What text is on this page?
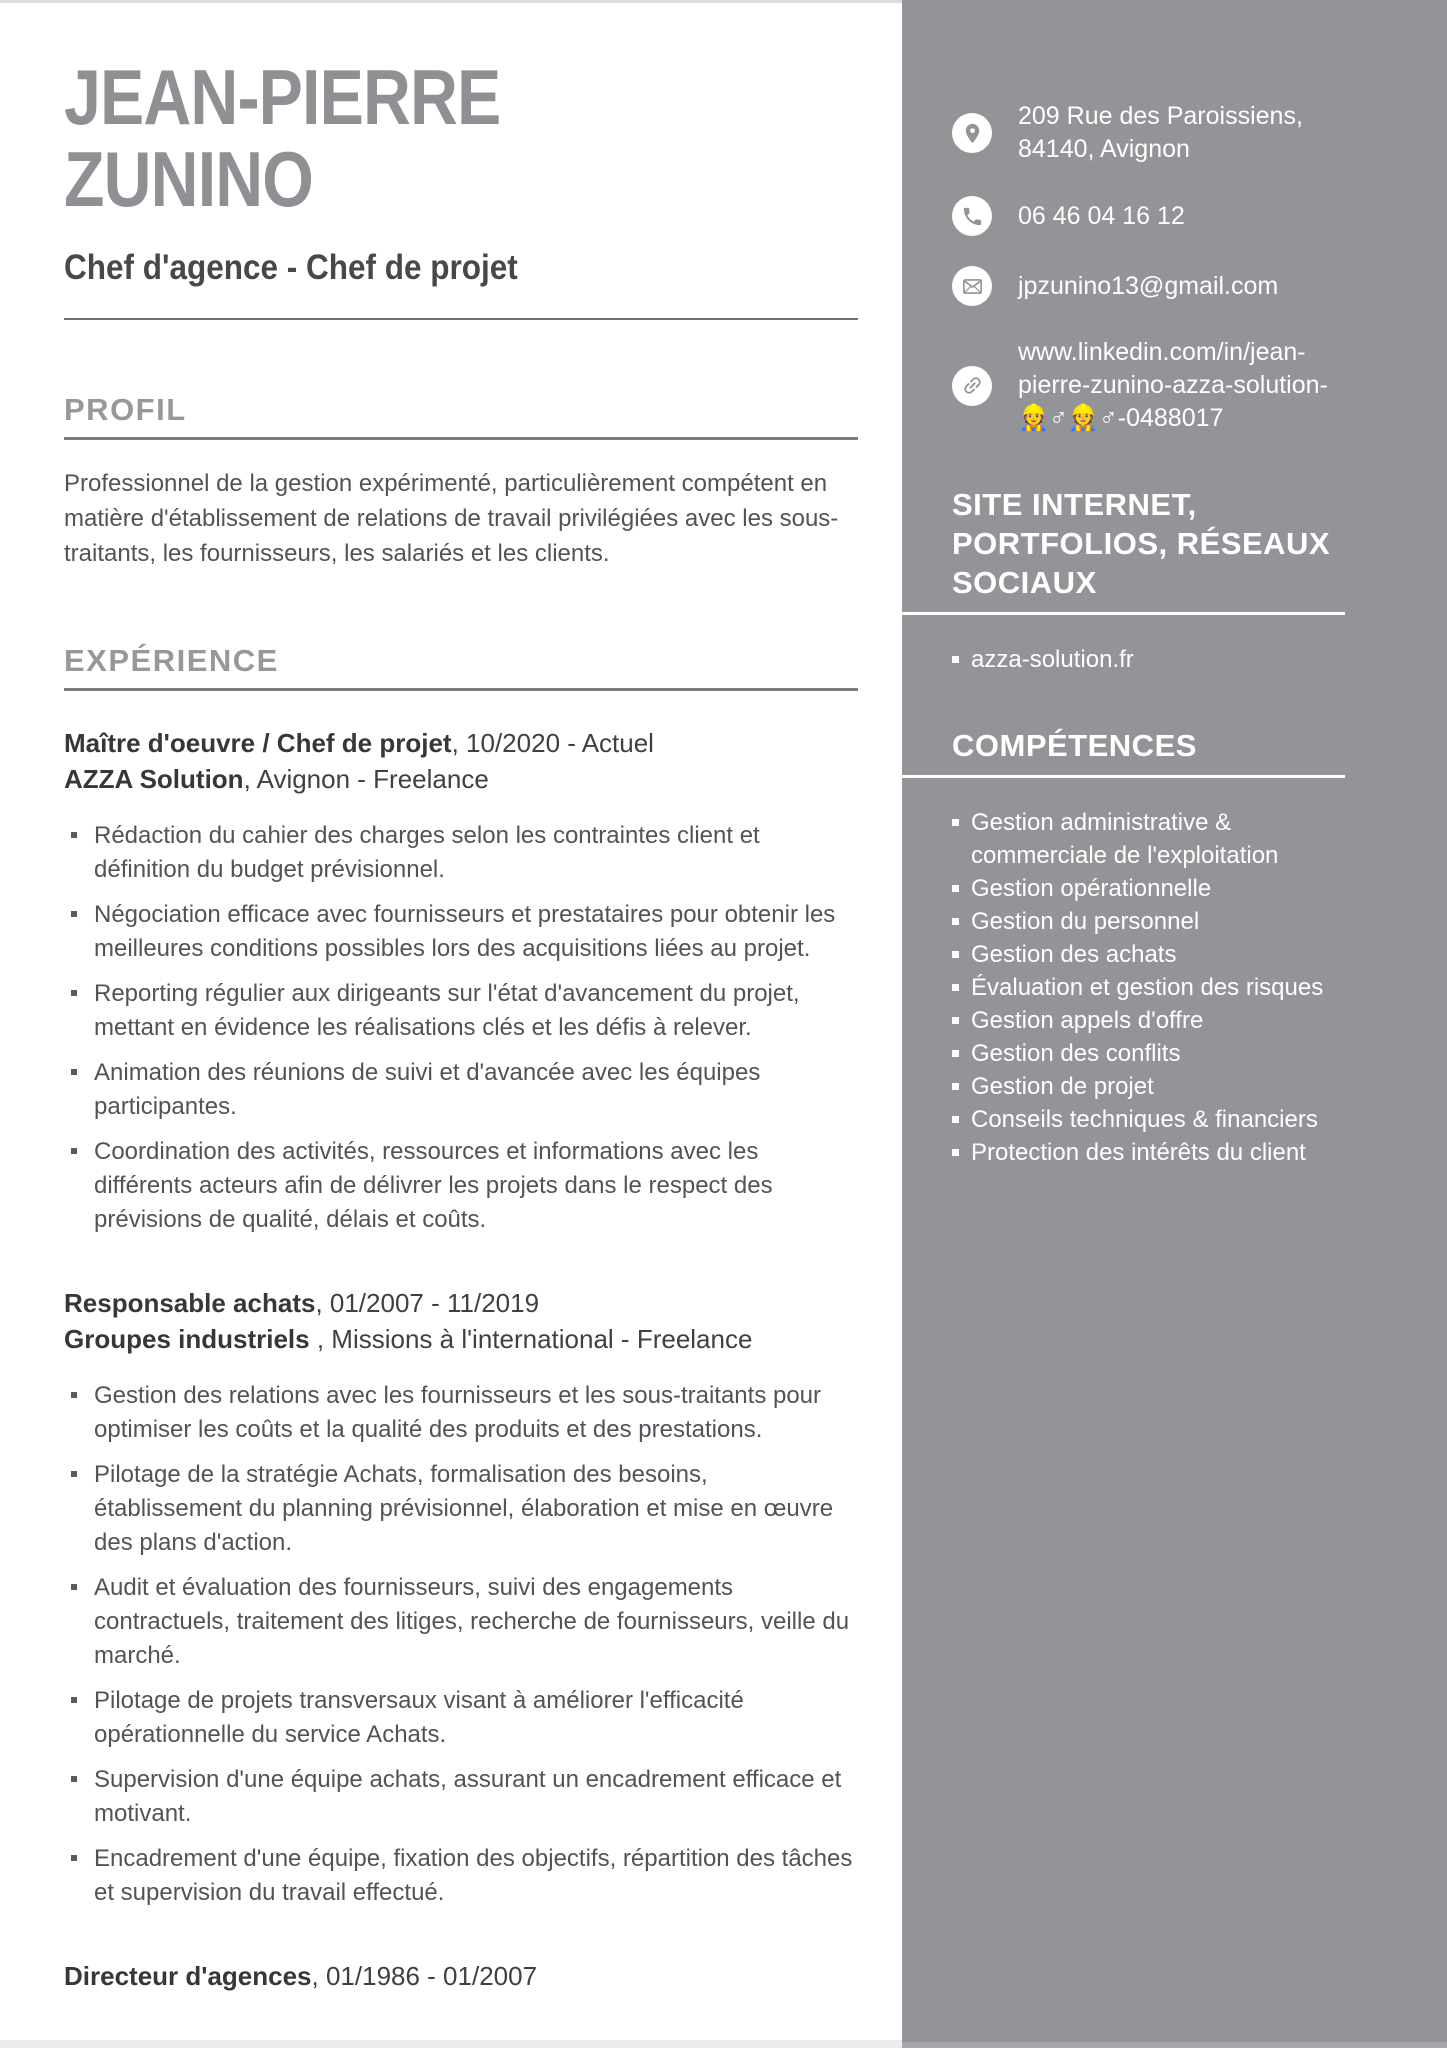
JEAN-PIERRE
ZUNINO
Chef d'agence - Chef de projet
PROFIL

Professionnel de la gestion expérimenté, particulièrement compétent en matière d'établissement de relations de travail privilégiées avec les sous-traitants, les fournisseurs, les salariés et les clients.

EXPÉRIENCE
Maître d'oeuvre / Chef de projet, 10/2020 - Actuel
AZZA Solution, Avignon - Freelance
Rédaction du cahier des charges selon les contraintes client et définition du budget prévisionnel.
Négociation efficace avec fournisseurs et prestataires pour obtenir les meilleures conditions possibles lors des acquisitions liées au projet.
Reporting régulier aux dirigeants sur l'état d'avancement du projet, mettant en évidence les réalisations clés et les défis à relever.
Animation des réunions de suivi et d'avancée avec les équipes participantes.
Coordination des activités, ressources et informations avec les différents acteurs afin de délivrer les projets dans le respect des prévisions de qualité, délais et coûts.
Responsable achats, 01/2007 - 11/2019
Groupes industriels , Missions à l'international - Freelance
Gestion des relations avec les fournisseurs et les sous-traitants pour optimiser les coûts et la qualité des produits et des prestations.
Pilotage de la stratégie Achats, formalisation des besoins, établissement du planning prévisionnel, élaboration et mise en œuvre des plans d'action.
Audit et évaluation des fournisseurs, suivi des engagements contractuels, traitement des litiges, recherche de fournisseurs, veille du marché.
Pilotage de projets transversaux visant à améliorer l'efficacité opérationnelle du service Achats.
Supervision d'une équipe achats, assurant un encadrement efficace et motivant.
Encadrement d'une équipe, fixation des objectifs, répartition des tâches et supervision du travail effectué.
Directeur d'agences, 01/1986 - 01/2007
209 Rue des Paroissiens,
84140, Avignon
06 46 04 16 12
jpzunino13@gmail.com
www.linkedin.com/in/jean-
pierre-zunino-azza-solution-
👷♂👷♂-0488017
SITE INTERNET, PORTFOLIOS, RÉSEAUX SOCIAUX
azza-solution.fr
COMPÉTENCES
Gestion administrative & commerciale de l'exploitation
Gestion opérationnelle
Gestion du personnel
Gestion des achats
Évaluation et gestion des risques
Gestion appels d'offre
Gestion des conflits
Gestion de projet
Conseils techniques & financiers
Protection des intérêts du client
